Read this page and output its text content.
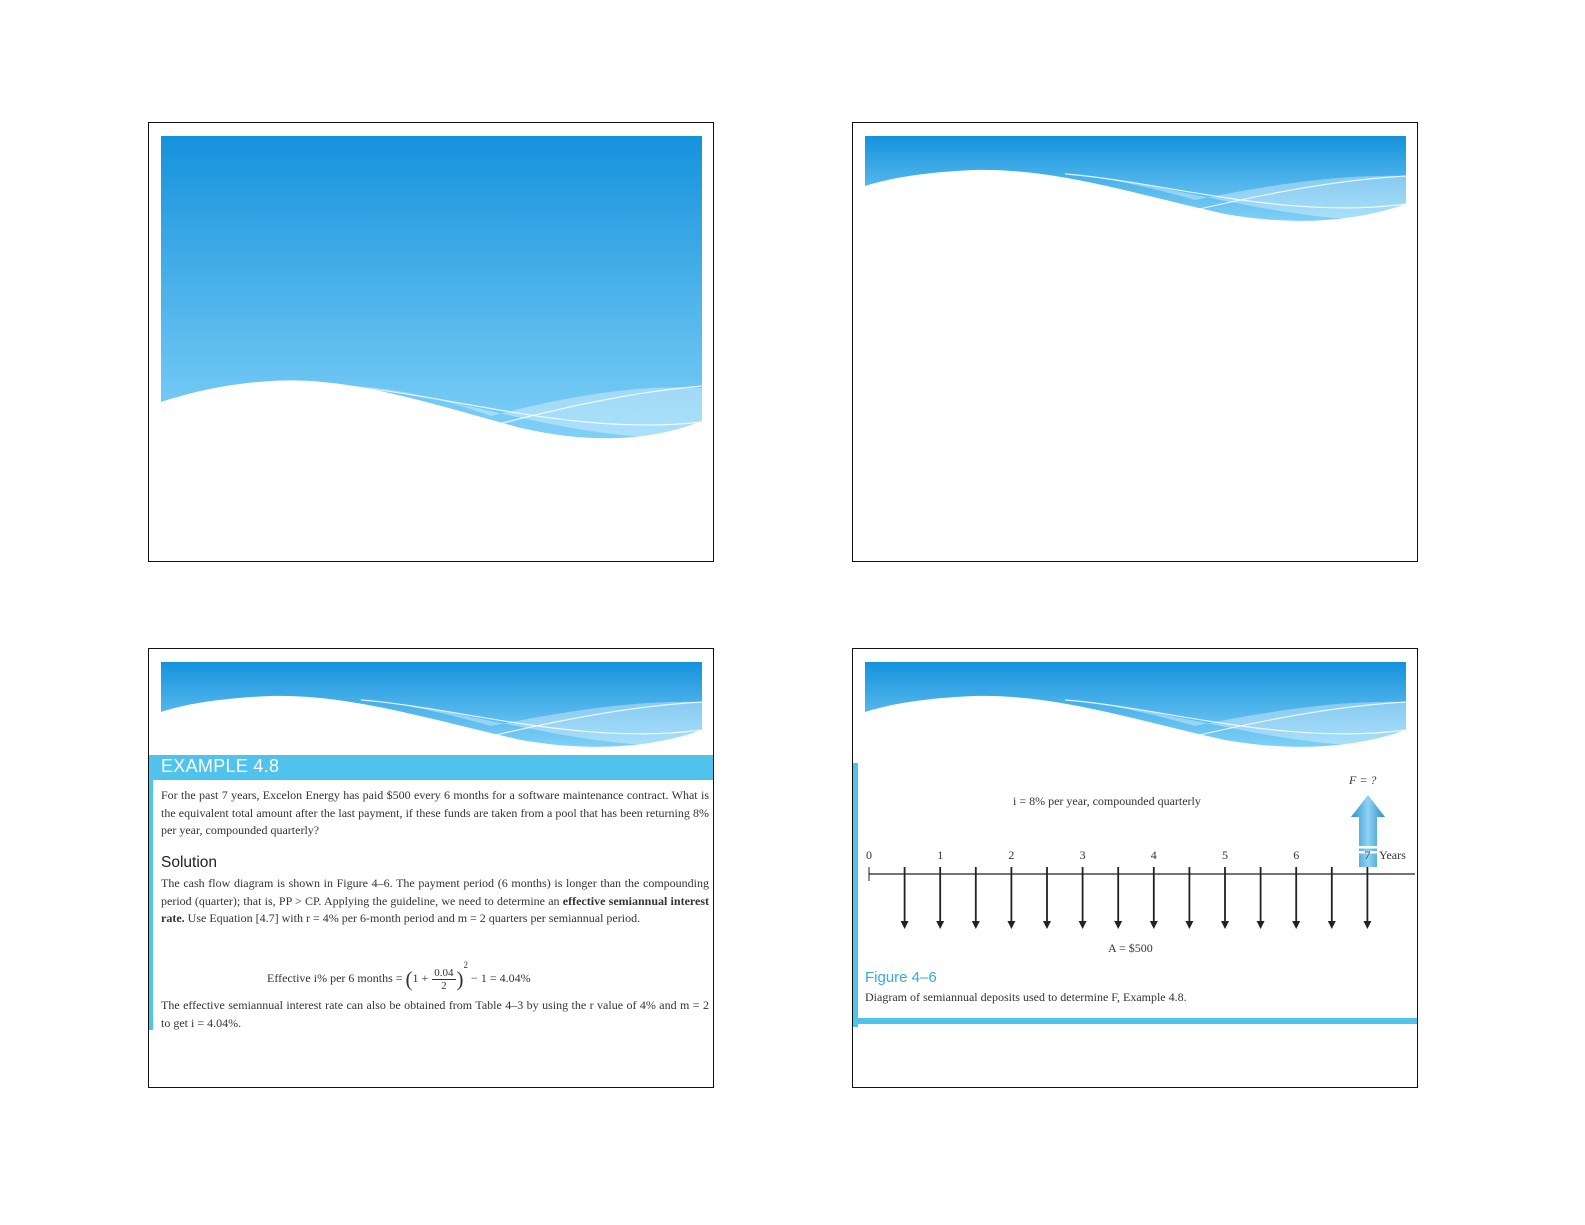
EXAMPLE 4.8

For the past 7 years, Excelon Energy has paid $500 every 6 months for a software maintenance contract. What is the equivalent total amount after the last payment, if these funds are taken from a pool that has been returning 8% per year, compounded quarterly?

Solution

The cash flow diagram is shown in Figure 4–6. The payment period (6 months) is longer than the compounding period (quarter); that is, PP > CP. Applying the guideline, we need to determine an effective semiannual interest rate. Use Equation [4.7] with r = 4% per 6-month period and m = 2 quarters per semiannual period.

Effective i% per 6 months = $(1 + \frac{0.04}{2} )^2 - 1 = 4.04\%$

The effective semiannual interest rate can also be obtained from Table 4–3 by using the r value of 4% and m = 2 to get i = 4.04%.

i = 8% per year, compounded quarterly
F = ?
0	1	2	3	4	5	6	7 Years
A = $500
Figure 4–6
Diagram of semiannual deposits used to determine F, Example 4.8.
